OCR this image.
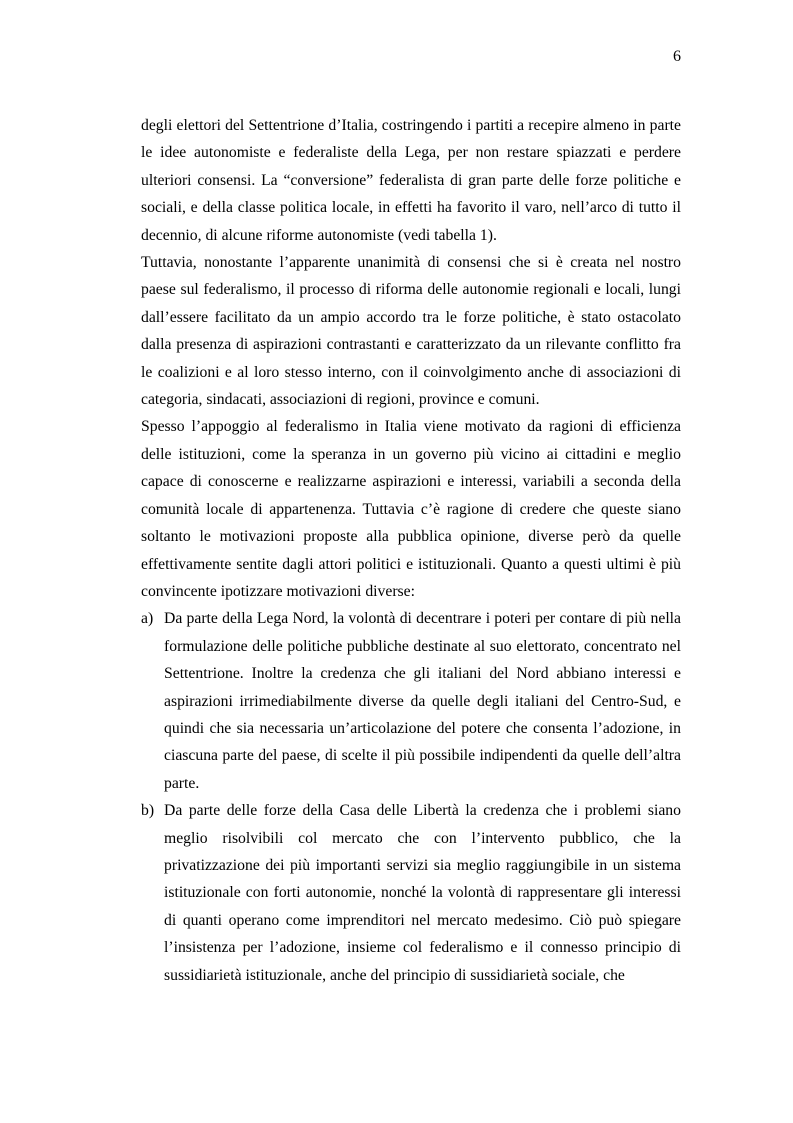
6

degli elettori del Settentrione d’Italia, costringendo i partiti a recepire almeno in parte le idee autonomiste e federaliste della Lega, per non restare spiazzati e perdere ulteriori consensi. La “conversione” federalista di gran parte delle forze politiche e sociali, e della classe politica locale, in effetti ha favorito il varo, nell’arco di tutto il decennio, di alcune riforme autonomiste (vedi tabella 1).

Tuttavia, nonostante l’apparente unanimità di consensi che si è creata nel nostro paese sul federalismo, il processo di riforma delle autonomie regionali e locali, lungi dall’essere facilitato da un ampio accordo tra le forze politiche, è stato ostacolato dalla presenza di aspirazioni contrastanti e caratterizzato da un rilevante conflitto fra le coalizioni e al loro stesso interno, con il coinvolgimento anche di associazioni di categoria, sindacati, associazioni di regioni, province e comuni.

Spesso l’appoggio al federalismo in Italia viene motivato da ragioni di efficienza delle istituzioni, come la speranza in un governo più vicino ai cittadini e meglio capace di conoscerne e realizzarne aspirazioni e interessi, variabili a seconda della comunità locale di appartenenza. Tuttavia c’è ragione di credere che queste siano soltanto le motivazioni proposte alla pubblica opinione, diverse però da quelle effettivamente sentite dagli attori politici e istituzionali. Quanto a questi ultimi è più convincente ipotizzare motivazioni diverse:

a) Da parte della Lega Nord, la volontà di decentrare i poteri per contare di più nella formulazione delle politiche pubbliche destinate al suo elettorato, concentrato nel Settentrione. Inoltre la credenza che gli italiani del Nord abbiano interessi e aspirazioni irrimediabilmente diverse da quelle degli italiani del Centro-Sud, e quindi che sia necessaria un’articolazione del potere che consenta l’adozione, in ciascuna parte del paese, di scelte il più possibile indipendenti da quelle dell’altra parte.
b) Da parte delle forze della Casa delle Libertà la credenza che i problemi siano meglio risolvibili col mercato che con l’intervento pubblico, che la privatizzazione dei più importanti servizi sia meglio raggiungibile in un sistema istituzionale con forti autonomie, nonché la volontà di rappresentare gli interessi di quanti operano come imprenditori nel mercato medesimo. Ciò può spiegare l’insistenza per l’adozione, insieme col federalismo e il connesso principio di sussidiarietà istituzionale, anche del principio di sussidiarietà sociale, che
